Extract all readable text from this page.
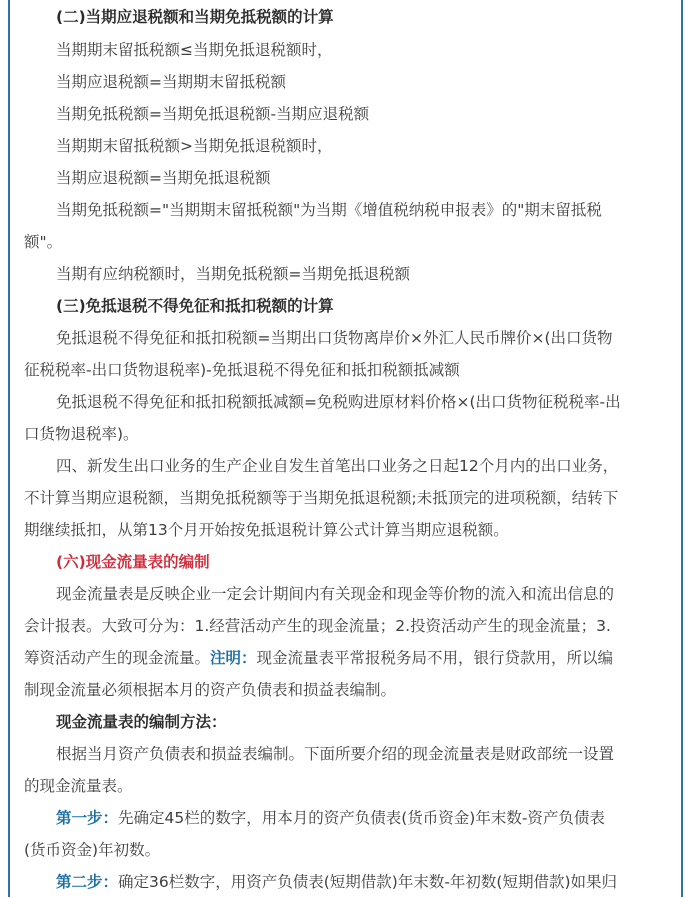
(二)当期应退税额和当期免抵税额的计算
当期期末留抵税额≤当期免抵退税额时，
当期应退税额=当期期末留抵税额
当期免抵税额=当期免抵退税额-当期应退税额
当期期末留抵税额>当期免抵退税额时，
当期应退税额=当期免抵退税额
当期免抵税额="当期期末留抵税额"为当期《增值税纳税申报表》的"期末留抵税
额"。
当期有应纳税额时，当期免抵税额=当期免抵退税额
(三)免抵退税不得免征和抵扣税额的计算
免抵退税不得免征和抵扣税额=当期出口货物离岸价×外汇人民币牌价×(出口货物
征税税率-出口货物退税率)-免抵退税不得免征和抵扣税额抵减额
免抵退税不得免征和抵扣税额抵减额=免税购进原材料价格×(出口货物征税税率-出
口货物退税率)。
四、新发生出口业务的生产企业自发生首笔出口业务之日起12个月内的出口业务，
不计算当期应退税额，当期免抵税额等于当期免抵退税额;未抵顶完的进项税额，结转下
期继续抵扣，从第13个月开始按免抵退税计算公式计算当期应退税额。
(六)现金流量表的编制
现金流量表是反映企业一定会计期间内有关现金和现金等价物的流入和流出信息的
会计报表。大致可分为：1.经营活动产生的现金流量；2.投资活动产生的现金流量；3.
筹资活动产生的现金流量。注明：现金流量表平常报税务局不用，银行贷款用，所以编
制现金流量必须根据本月的资产负债表和损益表编制。
现金流量表的编制方法：
根据当月资产负债表和损益表编制。下面所要介绍的现金流量表是财政部统一设置
的现金流量表。
第一步：先确定45栏的数字，用本月的资产负债表(货币资金)年末数-资产负债表
(货币资金)年初数。
第二步：确定36栏数字，用资产负债表(短期借款)年末数-年初数(短期借款)如果归
